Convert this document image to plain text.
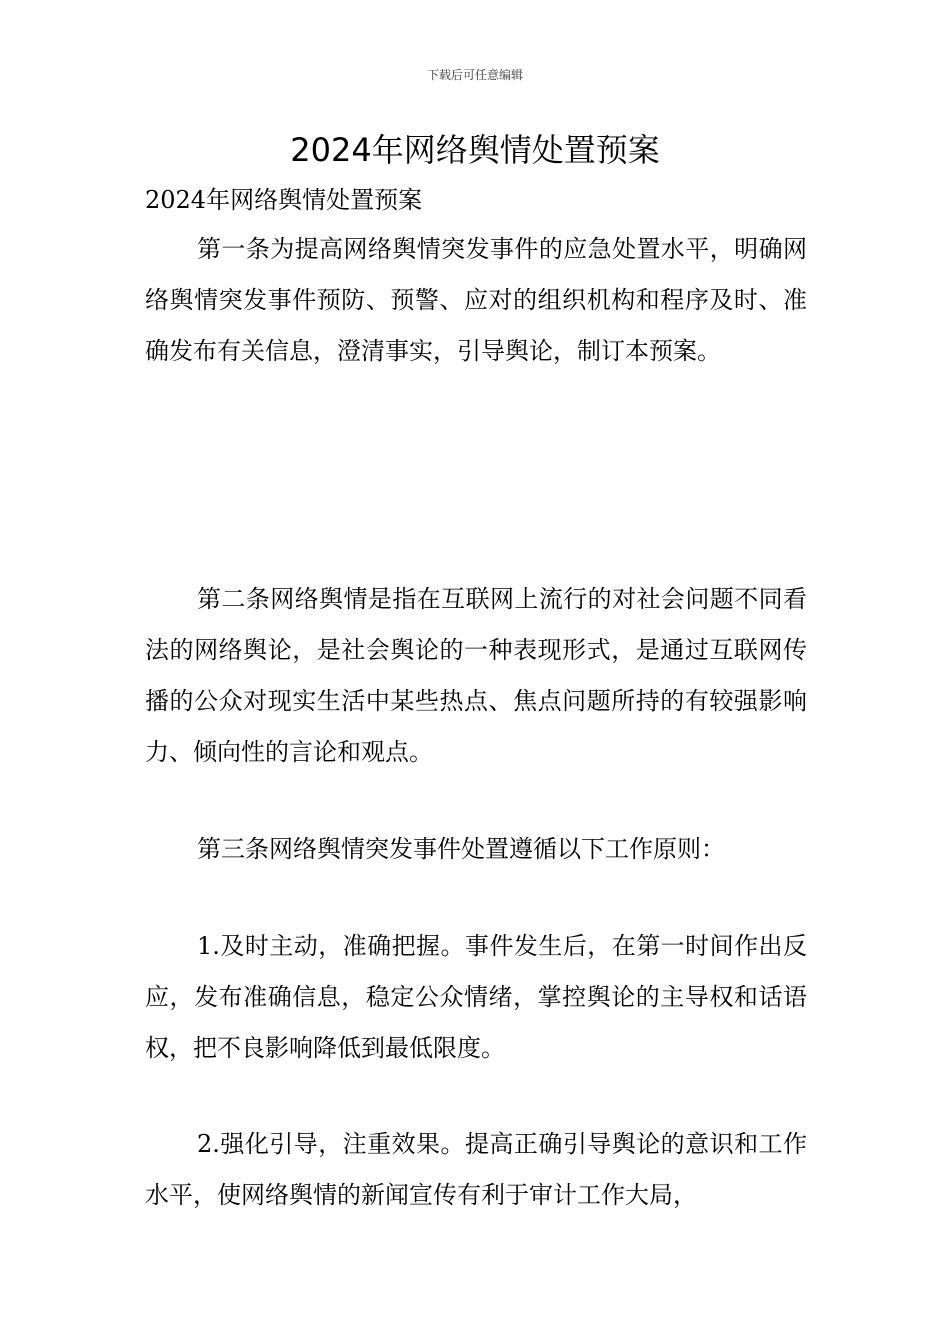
下载后可任意编辑
2024年网络舆情处置预案

2024年网络舆情处置预案

第一条为提高网络舆情突发事件的应急处置水平，明确网络舆情突发事件预防、预警、应对的组织机构和程序及时、准确发布有关信息，澄清事实，引导舆论，制订本预案。

第二条网络舆情是指在互联网上流行的对社会问题不同看法的网络舆论，是社会舆论的一种表现形式，是通过互联网传播的公众对现实生活中某些热点、焦点问题所持的有较强影响力、倾向性的言论和观点。

第三条网络舆情突发事件处置遵循以下工作原则：

1.及时主动，准确把握。事件发生后，在第一时间作出反应，发布准确信息，稳定公众情绪，掌控舆论的主导权和话语权，把不良影响降低到最低限度。

2.强化引导，注重效果。提高正确引导舆论的意识和工作水平，使网络舆情的新闻宣传有利于审计工作大局，
